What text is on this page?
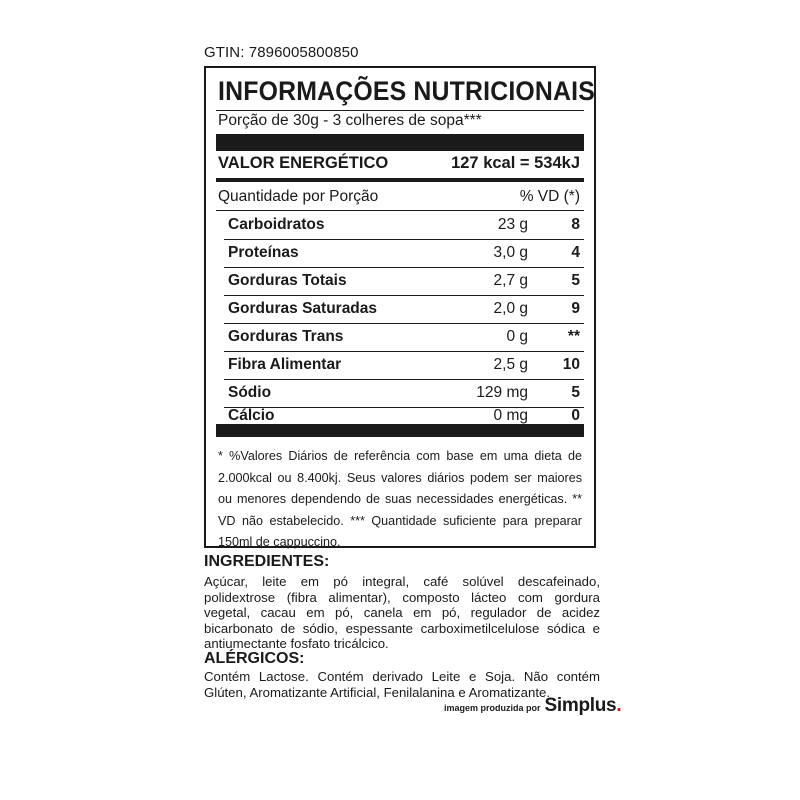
GTIN: 7896005800850
INFORMAÇÕES NUTRICIONAIS
Porção de 30g - 3 colheres de sopa***
VALOR ENERGÉTICO	127 kcal = 534kJ
Quantidade por Porção	% VD (*)
Carboidratos	23 g	8
Proteínas	3,0 g	4
Gorduras Totais	2,7 g	5
Gorduras Saturadas	2,0 g	9
Gorduras Trans	0 g	**
Fibra Alimentar	2,5 g 10
Sódio	129 mg	5
Cálcio	0 mg	0
* %Valores Diários de referência com base em uma dieta de 2.000kcal ou 8.400kj. Seus valores diários podem ser maiores ou menores dependendo de suas necessidades energéticas. ** VD não estabelecido. *** Quantidade suficiente para preparar 150ml de cappuccino.
INGREDIENTES:
Açúcar, leite em pó integral, café solúvel descafeinado, polidextrose (fibra alimentar), composto lácteo com gordura vegetal, cacau em pó, canela em pó, regulador de acidez bicarbonato de sódio, espessante carboximetilcelulose sódica e antiumectante fosfato tricálcico.
ALÉRGICOS:
Contém Lactose. Contém derivado Leite e Soja. Não contém Glúten, Aromatizante Artificial, Fenilalanina e Aromatizante.
imagem produzida por Simplus .
